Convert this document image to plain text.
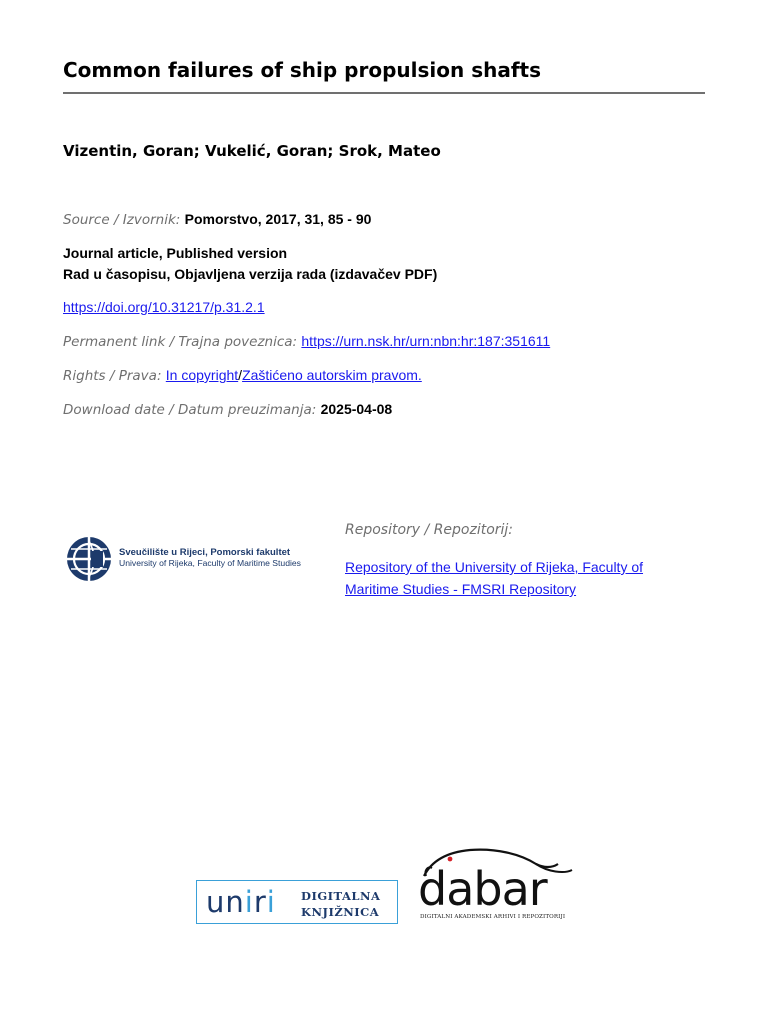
Common failures of ship propulsion shafts
Vizentin, Goran; Vukelić, Goran; Srok, Mateo
Source / Izvornik: Pomorstvo, 2017, 31, 85 - 90
Journal article, Published version
Rad u časopisu, Objavljena verzija rada (izdavačev PDF)
https://doi.org/10.31217/p.31.2.1
Permanent link / Trajna poveznica: https://urn.nsk.hr/urn:nbn:hr:187:351611
Rights / Prava: In copyright/Zaštićeno autorskim pravom.
Download date / Datum preuzimanja: 2025-04-08
Sveučilište u Rijeci, Pomorski fakultet
University of Rijeka, Faculty of Maritime Studies
Repository / Repozitorij:
Repository of the University of Rijeka, Faculty of Maritime Studies - FMSRI Repository
uniri DIGITALNA
KNJIŽNICA dabar
DIGITALNI AKADEMSKI ARHIVI I REPOZITORIJI
